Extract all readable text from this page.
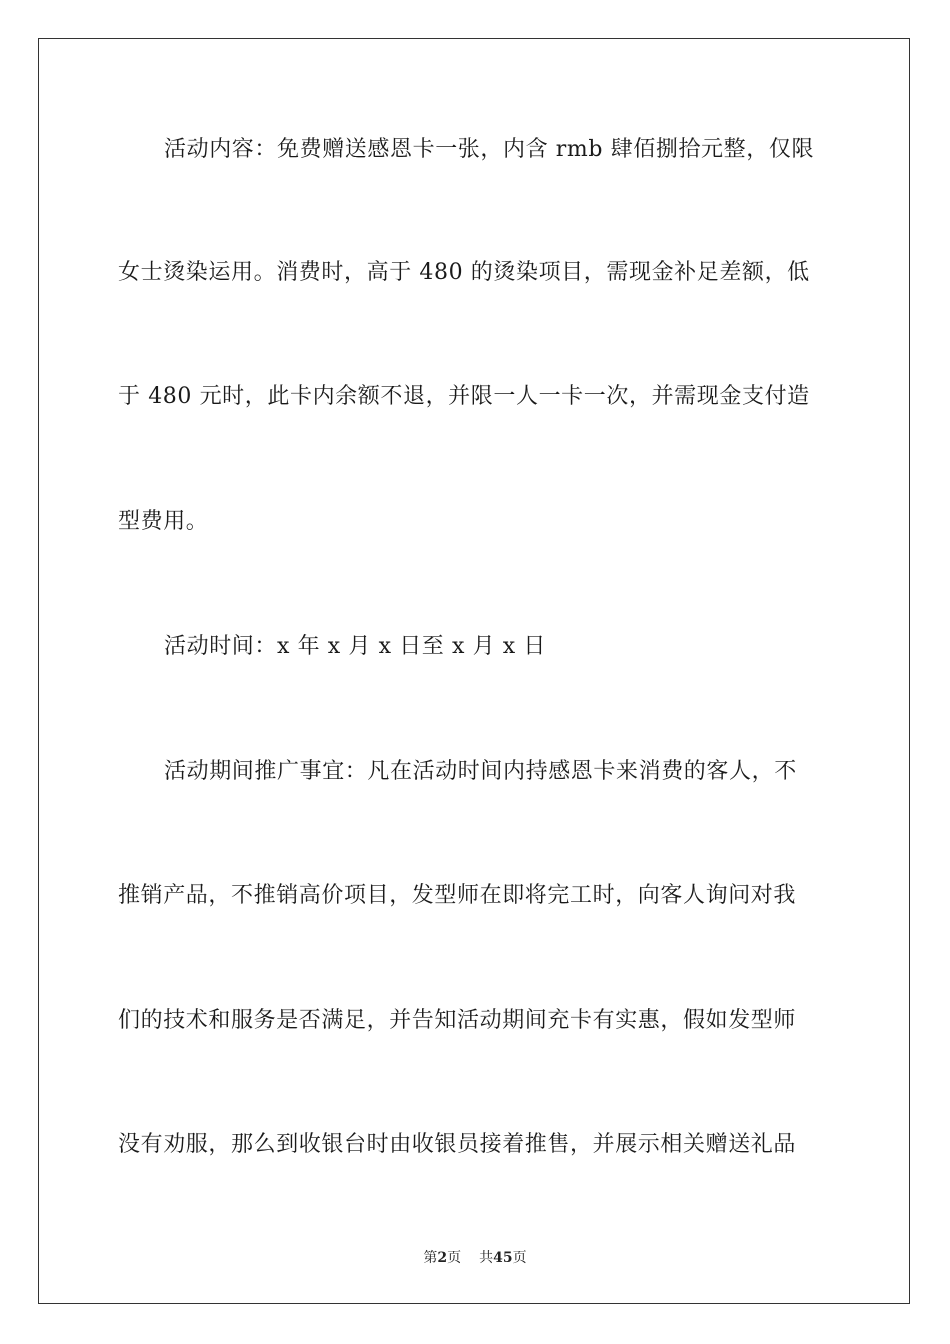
活动内容：免费赠送感恩卡一张，内含 rmb 肆佰捌拾元整，仅限
女士烫染运用。消费时，高于 480 的烫染项目，需现金补足差额，低
于 480 元时，此卡内余额不退，并限一人一卡一次，并需现金支付造
型费用。
活动时间：x 年 x 月 x 日至 x 月 x 日
活动期间推广事宜：凡在活动时间内持感恩卡来消费的客人，不
推销产品，不推销高价项目，发型师在即将完工时，向客人询问对我
们的技术和服务是否满足，并告知活动期间充卡有实惠，假如发型师
没有劝服，那么到收银台时由收银员接着推售，并展示相关赠送礼品
第2页 共45页
